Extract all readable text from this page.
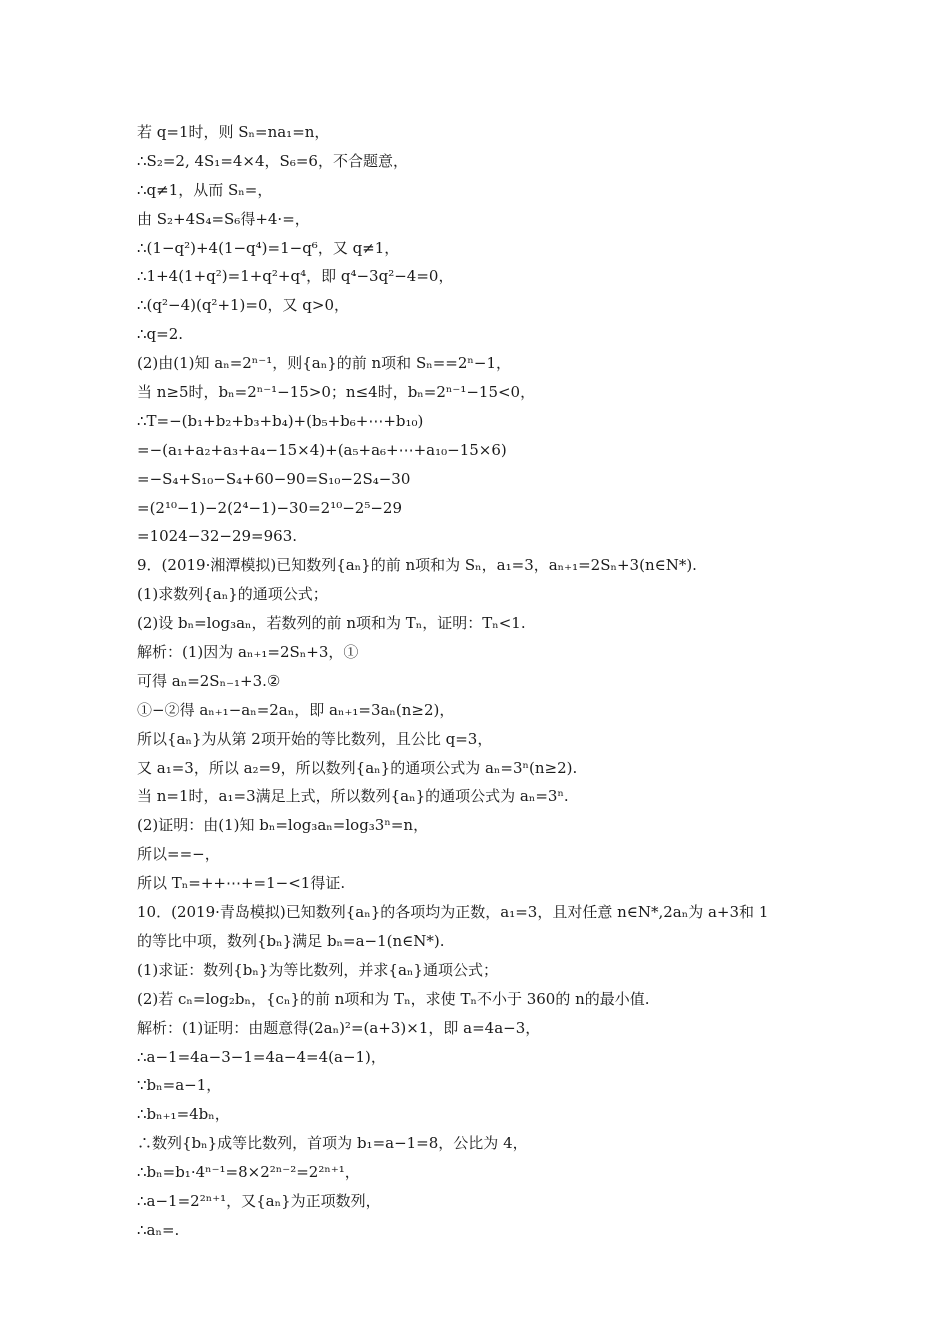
若 q=1时，则 Sₙ=na₁=n，
∴S₂=2, 4S₁=4×4，S₆=6，不合题意，
∴q≠1，从而 Sₙ=，
由 S₂+4S₄=S₆得+4·=，
∴(1−q²)+4(1−q⁴)=1−q⁶，又 q≠1，
∴1+4(1+q²)=1+q²+q⁴，即 q⁴−3q²−4=0，
∴(q²−4)(q²+1)=0，又 q>0，
∴q=2.
(2)由(1)知 aₙ=2ⁿ⁻¹，则{aₙ}的前 n项和 Sₙ==2ⁿ−1，
当 n≥5时，bₙ=2ⁿ⁻¹−15>0；n≤4时，bₙ=2ⁿ⁻¹−15<0，
∴T=−(b₁+b₂+b₃+b₄)+(b₅+b₆+⋯+b₁₀)
=−(a₁+a₂+a₃+a₄−15×4)+(a₅+a₆+⋯+a₁₀−15×6)
=−S₄+S₁₀−S₄+60−90=S₁₀−2S₄−30
=(2¹⁰−1)−2(2⁴−1)−30=2¹⁰−2⁵−29
=1024−32−29=963.
9．(2019·湘潭模拟)已知数列{aₙ}的前 n项和为 Sₙ，a₁=3，aₙ₊₁=2Sₙ+3(n∈N*).
(1)求数列{aₙ}的通项公式；
(2)设 bₙ=log₃aₙ，若数列的前 n项和为 Tₙ，证明：Tₙ<1.
解析：(1)因为 aₙ₊₁=2Sₙ+3，①
可得 aₙ=2Sₙ₋₁+3.②
①−②得 aₙ₊₁−aₙ=2aₙ，即 aₙ₊₁=3aₙ(n≥2)，
所以{aₙ}为从第 2项开始的等比数列，且公比 q=3，
又 a₁=3，所以 a₂=9，所以数列{aₙ}的通项公式为 aₙ=3ⁿ(n≥2).
当 n=1时，a₁=3满足上式，所以数列{aₙ}的通项公式为 aₙ=3ⁿ.
(2)证明：由(1)知 bₙ=log₃aₙ=log₃3ⁿ=n，
所以==−，
所以 Tₙ=++⋯+=1−<1得证.
10．(2019·青岛模拟)已知数列{aₙ}的各项均为正数，a₁=3，且对任意 n∈N*,2aₙ为 a+3和 1
的等比中项，数列{bₙ}满足 bₙ=a−1(n∈N*).
(1)求证：数列{bₙ}为等比数列，并求{aₙ}通项公式；
(2)若 cₙ=log₂bₙ，{cₙ}的前 n项和为 Tₙ，求使 Tₙ不小于 360的 n的最小值.
解析：(1)证明：由题意得(2aₙ)²=(a+3)×1，即 a=4a−3，
∴a−1=4a−3−1=4a−4=4(a−1)，
∵bₙ=a−1，
∴bₙ₊₁=4bₙ，
∴数列{bₙ}成等比数列，首项为 b₁=a−1=8，公比为 4，
∴bₙ=b₁·4ⁿ⁻¹=8×2²ⁿ⁻²=2²ⁿ⁺¹，
∴a−1=2²ⁿ⁺¹，又{aₙ}为正项数列，
∴aₙ=.
